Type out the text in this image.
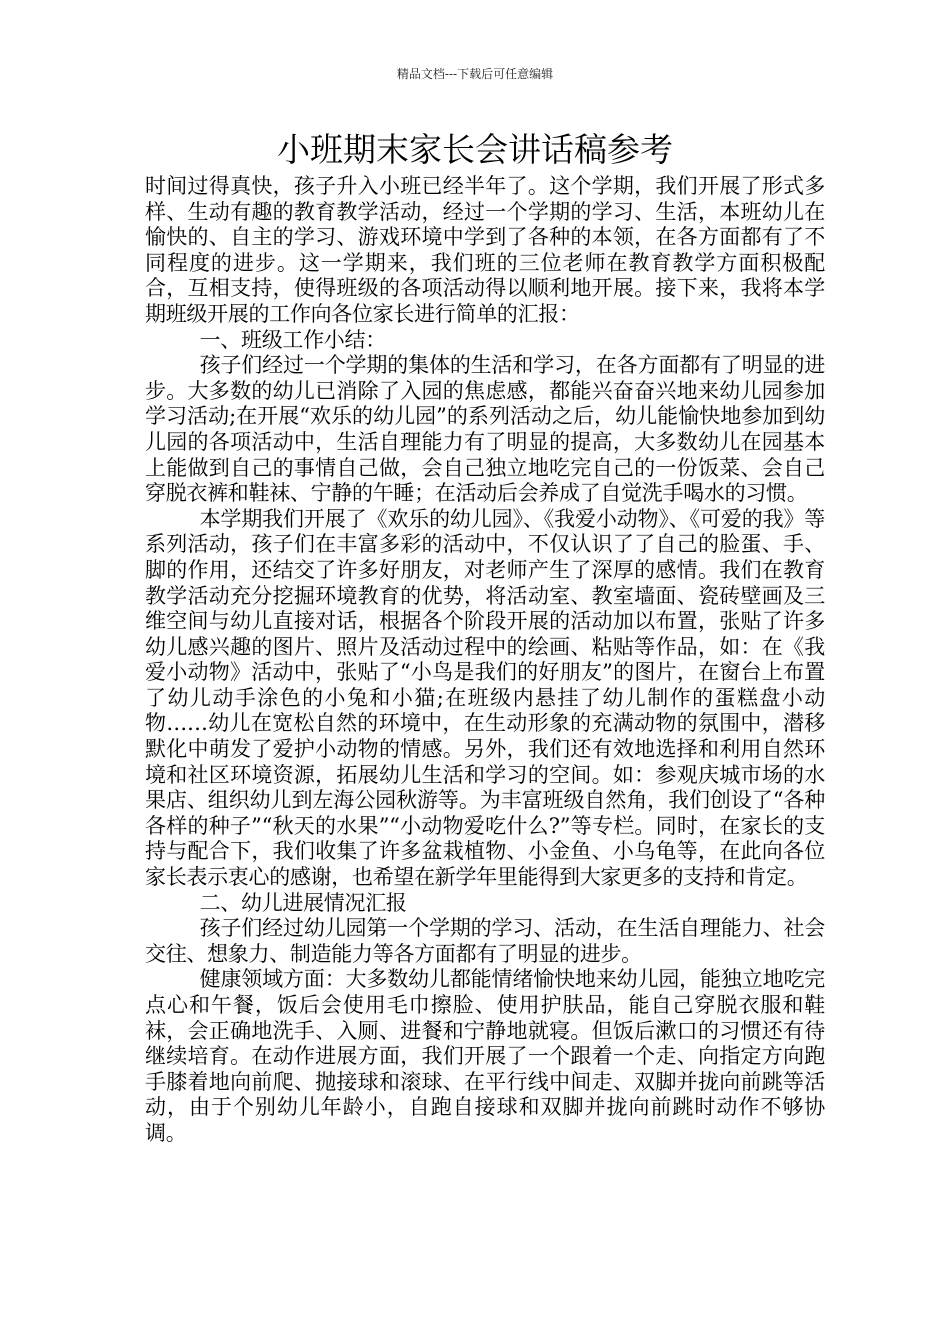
精品文档---下载后可任意编辑
小班期末家长会讲话稿参考

时间过得真快，孩子升入小班已经半年了。这个学期，我们开展了形式多样、生动有趣的教育教学活动，经过一个学期的学习、生活，本班幼儿在愉快的、自主的学习、游戏环境中学到了各种的本领，在各方面都有了不同程度的进步。这一学期来，我们班的三位老师在教育教学方面积极配合，互相支持，使得班级的各项活动得以顺利地开展。接下来，我将本学期班级开展的工作向各位家长进行简单的汇报：

一、班级工作小结：

孩子们经过一个学期的集体的生活和学习，在各方面都有了明显的进步。大多数的幼儿已消除了入园的焦虑感，都能兴奋奋兴地来幼儿园参加学习活动;在开展“欢乐的幼儿园”的系列活动之后，幼儿能愉快地参加到幼儿园的各项活动中，生活自理能力有了明显的提高，大多数幼儿在园基本上能做到自己的事情自己做，会自己独立地吃完自己的一份饭菜、会自己穿脱衣裤和鞋袜、宁静的午睡；在活动后会养成了自觉洗手喝水的习惯。

本学期我们开展了《欢乐的幼儿园》、《我爱小动物》、《可爱的我》等系列活动，孩子们在丰富多彩的活动中，不仅认识了了自己的脸蛋、手、脚的作用，还结交了许多好朋友，对老师产生了深厚的感情。我们在教育教学活动充分挖掘环境教育的优势，将活动室、教室墙面、瓷砖壁画及三维空间与幼儿直接对话，根据各个阶段开展的活动加以布置，张贴了许多幼儿感兴趣的图片、照片及活动过程中的绘画、粘贴等作品，如：在《我爱小动物》活动中，张贴了“小鸟是我们的好朋友”的图片，在窗台上布置了幼儿动手涂色的小兔和小猫;在班级内悬挂了幼儿制作的蛋糕盘小动物……幼儿在宽松自然的环境中，在生动形象的充满动物的氛围中，潜移默化中萌发了爱护小动物的情感。另外，我们还有效地选择和利用自然环境和社区环境资源，拓展幼儿生活和学习的空间。如：参观庆城市场的水果店、组织幼儿到左海公园秋游等。为丰富班级自然角，我们创设了“各种各样的种子”“秋天的水果”“小动物爱吃什么?”等专栏。同时，在家长的支持与配合下，我们收集了许多盆栽植物、小金鱼、小乌龟等，在此向各位家长表示衷心的感谢，也希望在新学年里能得到大家更多的支持和肯定。

二、幼儿进展情况汇报

孩子们经过幼儿园第一个学期的学习、活动，在生活自理能力、社会交往、想象力、制造能力等各方面都有了明显的进步。

健康领域方面：大多数幼儿都能情绪愉快地来幼儿园，能独立地吃完点心和午餐，饭后会使用毛巾擦脸、使用护肤品，能自己穿脱衣服和鞋袜，会正确地洗手、入厕、进餐和宁静地就寝。但饭后漱口的习惯还有待继续培育。在动作进展方面，我们开展了一个跟着一个走、向指定方向跑手膝着地向前爬、抛接球和滚球、在平行线中间走、双脚并拢向前跳等活动，由于个别幼儿年龄小，自跑自接球和双脚并拢向前跳时动作不够协调。
